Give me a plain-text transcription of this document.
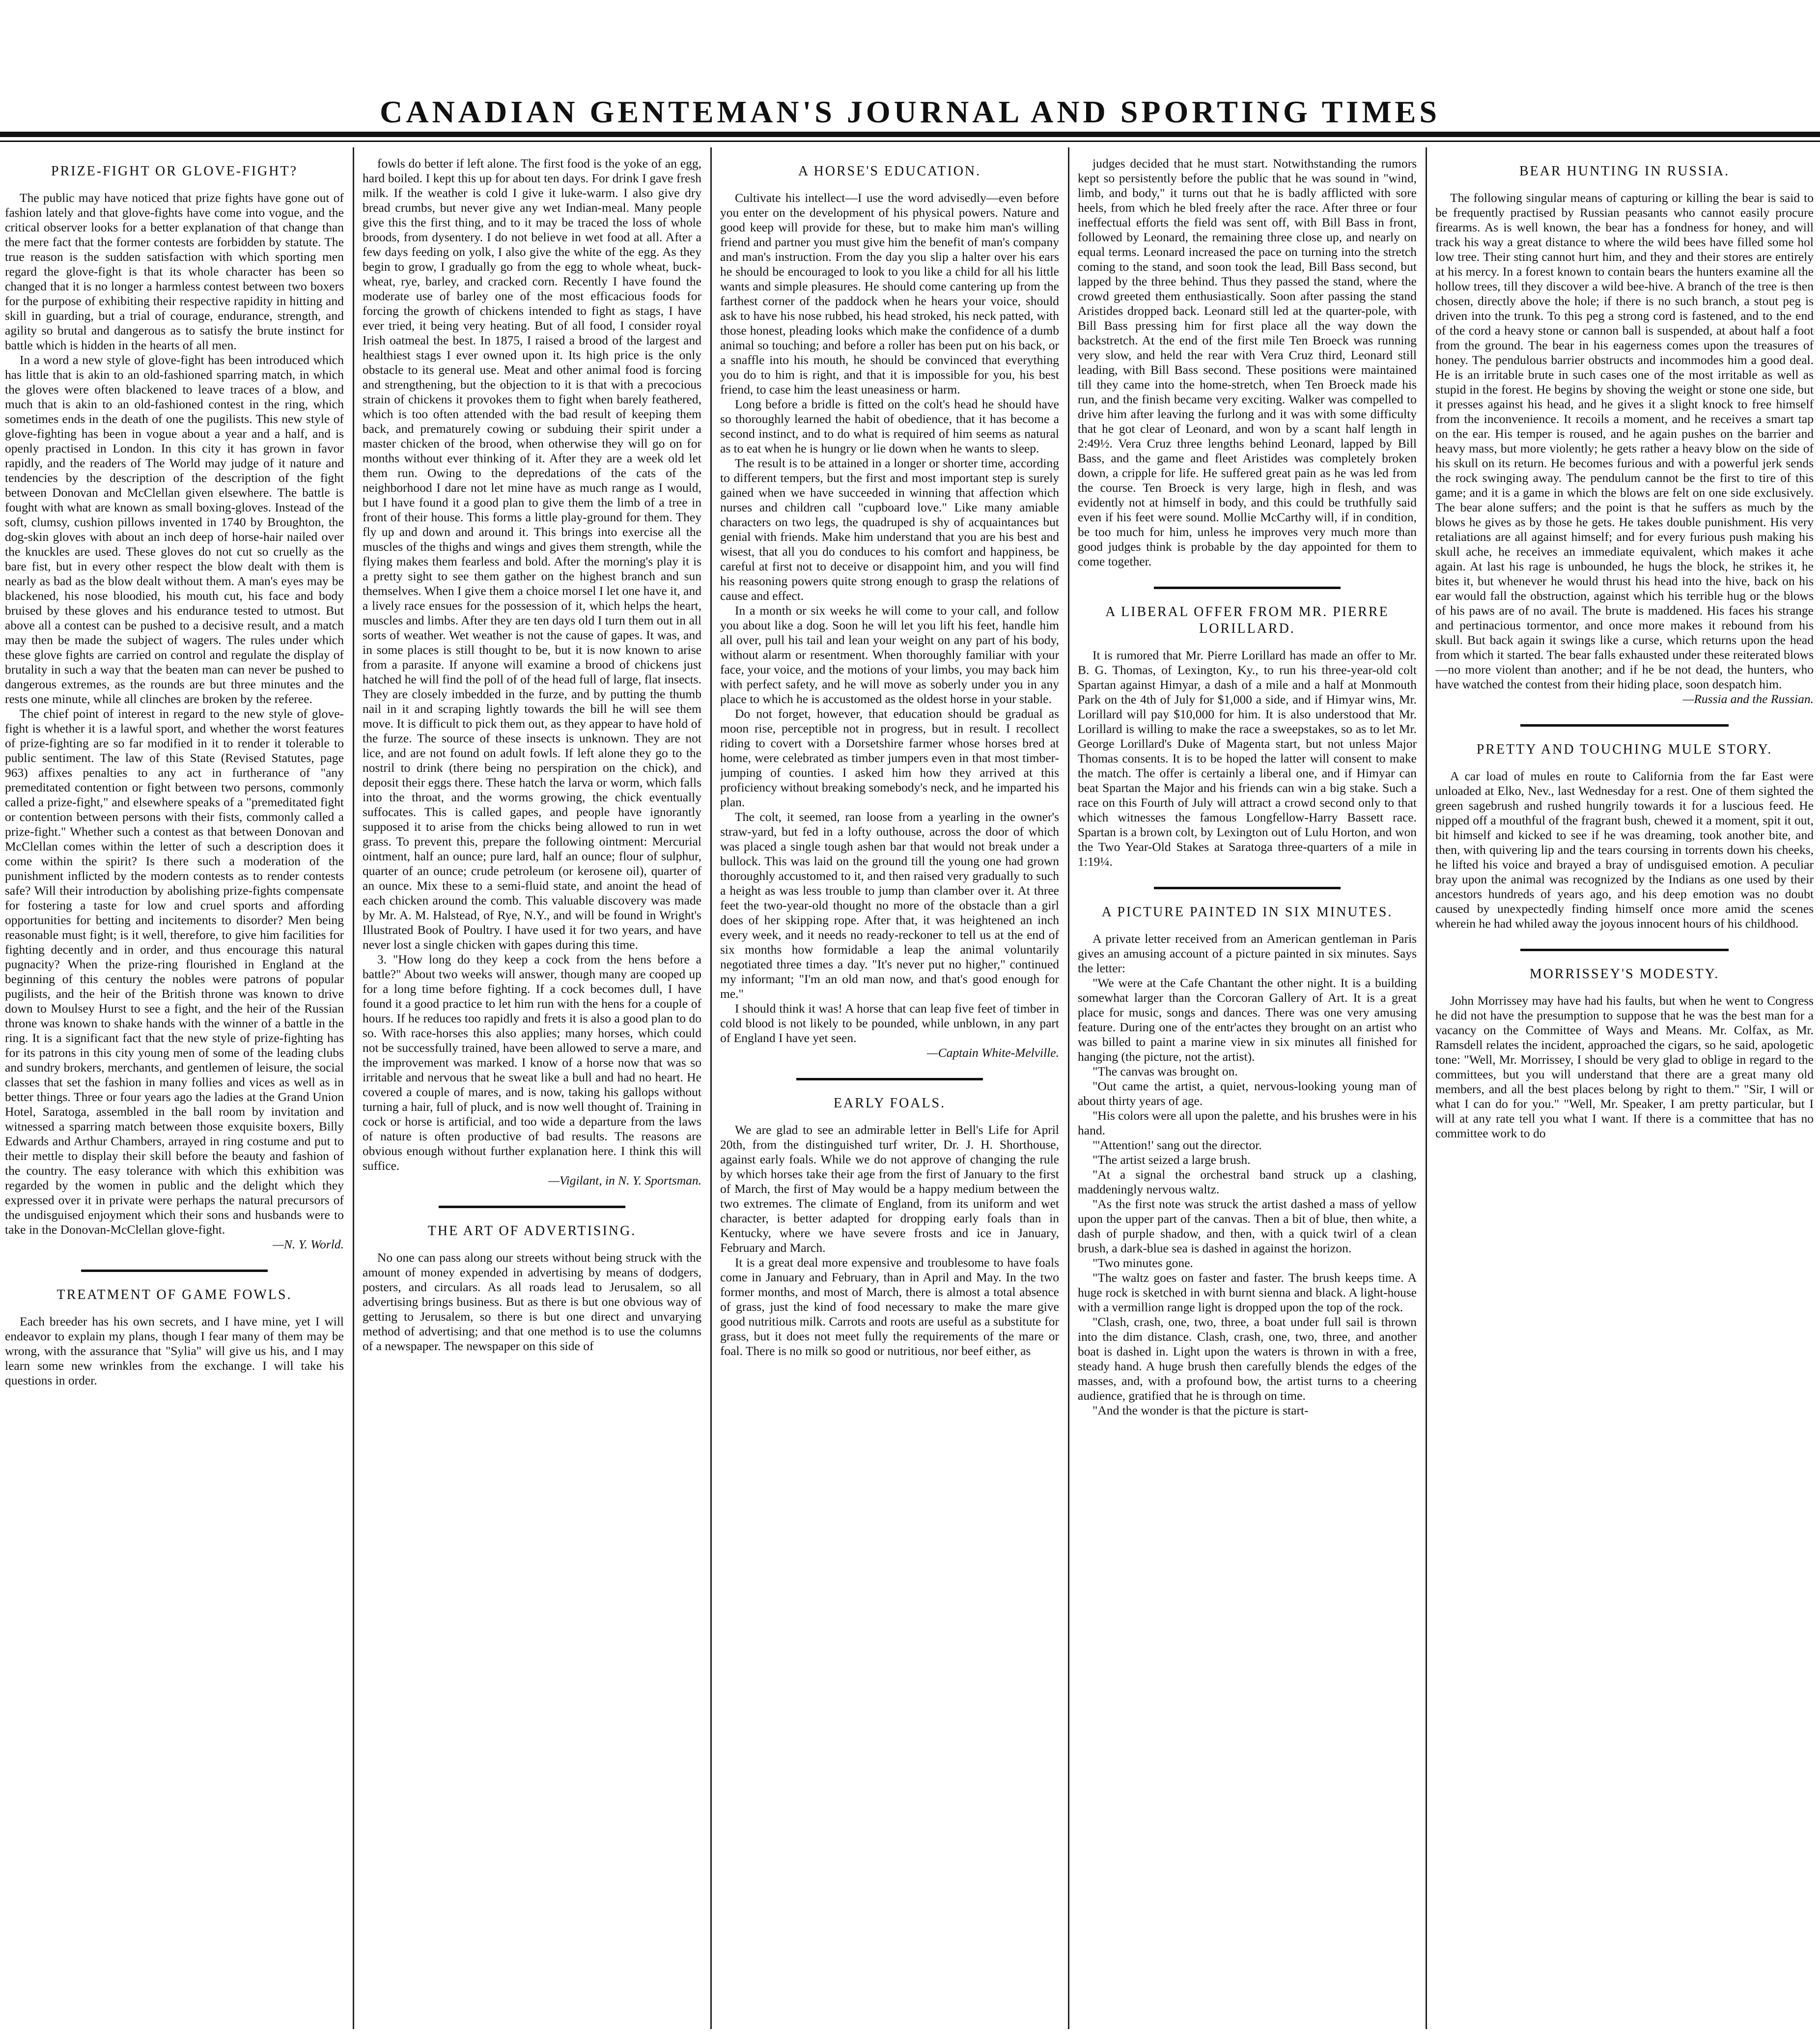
CANADIAN GENTEMAN'S JOURNAL AND SPORTING TIMES
PRIZE-FIGHT OR GLOVE-FIGHT?

The public may have noticed that prize fights have gone out of fashion lately and that glove-fights have come into vogue, and the critical observer looks for a better explanation of that change than the mere fact that the former contests are forbidden by statute. The true reason is the sudden satisfaction with which sporting men regard the glove-fight is that its whole character has been so changed that it is no longer a harmless contest between two boxers for the purpose of exhibiting their respective rapidity in hitting and skill in guarding, but a trial of courage, endurance, strength, and agility so brutal and dangerous as to satisfy the brute instinct for battle which is hidden in the hearts of all men.

In a word a new style of glove-fight has been introduced which has little that is akin to an old-fashioned sparring match, in which the gloves were often blackened to leave traces of a blow, and much that is akin to an old-fashioned contest in the ring, which sometimes ends in the death of one the pugilists. This new style of glove-fighting has been in vogue about a year and a half, and is openly practised in London. In this city it has grown in favor rapidly, and the readers of The World may judge of it nature and tendencies by the description of the description of the fight between Donovan and McClellan given elsewhere. The battle is fought with what are known as small boxing-gloves. Instead of the soft, clumsy, cushion pillows invented in 1740 by Broughton, the dog-skin gloves with about an inch deep of horse-hair nailed over the knuckles are used. These gloves do not cut so cruelly as the bare fist, but in every other respect the blow dealt with them is nearly as bad as the blow dealt without them. A man's eyes may be blackened, his nose bloodied, his mouth cut, his face and body bruised by these gloves and his endurance tested to utmost. But above all a contest can be pushed to a decisive result, and a match may then be made the subject of wagers. The rules under which these glove fights are carried on control and regulate the display of brutality in such a way that the beaten man can never be pushed to dangerous extremes, as the rounds are but three minutes and the rests one minute, while all clinches are broken by the referee.

The chief point of interest in regard to the new style of glove-fight is whether it is a lawful sport, and whether the worst features of prize-fighting are so far modified in it to render it tolerable to public sentiment. The law of this State (Revised Statutes, page 963) affixes penalties to any act in furtherance of "any premeditated contention or fight between two persons, commonly called a prize-fight," and elsewhere speaks of a "premeditated fight or contention between persons with their fists, commonly called a prize-fight." Whether such a contest as that between Donovan and McClellan comes within the letter of such a description does it come within the spirit? Is there such a moderation of the punishment inflicted by the modern contests as to render contests safe? Will their introduction by abolishing prize-fights compensate for fostering a taste for low and cruel sports and affording opportunities for betting and incitements to disorder? Men being reasonable must fight; is it well, therefore, to give him facilities for fighting decently and in order, and thus encourage this natural pugnacity? When the prize-ring flourished in England at the beginning of this century the nobles were patrons of popular pugilists, and the heir of the British throne was known to drive down to Moulsey Hurst to see a fight, and the heir of the Russian throne was known to shake hands with the winner of a battle in the ring. It is a significant fact that the new style of prize-fighting has for its patrons in this city young men of some of the leading clubs and sundry brokers, merchants, and gentlemen of leisure, the social classes that set the fashion in many follies and vices as well as in better things. Three or four years ago the ladies at the Grand Union Hotel, Saratoga, assembled in the ball room by invitation and witnessed a sparring match between those exquisite boxers, Billy Edwards and Arthur Chambers, arrayed in ring costume and put to their mettle to display their skill before the beauty and fashion of the country. The easy tolerance with which this exhibition was regarded by the women in public and the delight which they expressed over it in private were perhaps the natural precursors of the undisguised enjoyment which their sons and husbands were to take in the Donovan-McClellan glove-fight.

—N. Y. World.
TREATMENT OF GAME FOWLS.

Each breeder has his own secrets, and I have mine, yet I will endeavor to explain my plans, though I fear many of them may be wrong, with the assurance that "Sylia" will give us his, and I may learn some new wrinkles from the exchange. I will take his questions in order.

fowls do better if left alone. The first food is the yoke of an egg, hard boiled. I kept this up for about ten days. For drink I gave fresh milk. If the weather is cold I give it luke-warm. I also give dry bread crumbs, but never give any wet Indian-meal. Many people give this the first thing, and to it may be traced the loss of whole broods, from dysentery. I do not believe in wet food at all. After a few days feeding on yolk, I also give the white of the egg. As they begin to grow, I gradually go from the egg to whole wheat, buck-wheat, rye, barley, and cracked corn. Recently I have found the moderate use of barley one of the most efficacious foods for forcing the growth of chickens intended to fight as stags, I have ever tried, it being very heating. But of all food, I consider royal Irish oatmeal the best. In 1875, I raised a brood of the largest and healthiest stags I ever owned upon it. Its high price is the only obstacle to its general use. Meat and other animal food is forcing and strengthening, but the objection to it is that with a precocious strain of chickens it provokes them to fight when barely feathered, which is too often attended with the bad result of keeping them back, and prematurely cowing or subduing their spirit under a master chicken of the brood, when otherwise they will go on for months without ever thinking of it. After they are a week old let them run. Owing to the depredations of the cats of the neighborhood I dare not let mine have as much range as I would, but I have found it a good plan to give them the limb of a tree in front of their house. This forms a little play-ground for them. They fly up and down and around it. This brings into exercise all the muscles of the thighs and wings and gives them strength, while the flying makes them fearless and bold. After the morning's play it is a pretty sight to see them gather on the highest branch and sun themselves. When I give them a choice morsel I let one have it, and a lively race ensues for the possession of it, which helps the heart, muscles and limbs. After they are ten days old I turn them out in all sorts of weather. Wet weather is not the cause of gapes. It was, and in some places is still thought to be, but it is now known to arise from a parasite. If anyone will examine a brood of chickens just hatched he will find the poll of of the head full of large, flat insects. They are closely imbedded in the furze, and by putting the thumb nail in it and scraping lightly towards the bill he will see them move. It is difficult to pick them out, as they appear to have hold of the furze. The source of these insects is unknown. They are not lice, and are not found on adult fowls. If left alone they go to the nostril to drink (there being no perspiration on the chick), and deposit their eggs there. These hatch the larva or worm, which falls into the throat, and the worms growing, the chick eventually suffocates. This is called gapes, and people have ignorantly supposed it to arise from the chicks being allowed to run in wet grass. To prevent this, prepare the following ointment: Mercurial ointment, half an ounce; pure lard, half an ounce; flour of sulphur, quarter of an ounce; crude petroleum (or kerosene oil), quarter of an ounce. Mix these to a semi-fluid state, and anoint the head of each chicken around the comb. This valuable discovery was made by Mr. A. M. Halstead, of Rye, N.Y., and will be found in Wright's Illustrated Book of Poultry. I have used it for two years, and have never lost a single chicken with gapes during this time.

3. "How long do they keep a cock from the hens before a battle?" About two weeks will answer, though many are cooped up for a long time before fighting. If a cock becomes dull, I have found it a good practice to let him run with the hens for a couple of hours. If he reduces too rapidly and frets it is also a good plan to do so. With race-horses this also applies; many horses, which could not be successfully trained, have been allowed to serve a mare, and the improvement was marked. I know of a horse now that was so irritable and nervous that he sweat like a bull and had no heart. He covered a couple of mares, and is now, taking his gallops without turning a hair, full of pluck, and is now well thought of. Training in cock or horse is artificial, and too wide a departure from the laws of nature is often productive of bad results. The reasons are obvious enough without further explanation here. I think this will suffice.

—Vigilant, in N. Y. Sportsman.
THE ART OF ADVERTISING.

No one can pass along our streets without being struck with the amount of money expended in advertising by means of dodgers, posters, and circulars. As all roads lead to Jerusalem, so all advertising brings business. But as there is but one obvious way of getting to Jerusalem, so there is but one direct and unvarying method of advertising; and that one method is to use the columns of a newspaper. The newspaper on this side of

A HORSE'S EDUCATION.

Cultivate his intellect—I use the word advisedly—even before you enter on the development of his physical powers. Nature and good keep will provide for these, but to make him man's willing friend and partner you must give him the benefit of man's company and man's instruction. From the day you slip a halter over his ears he should be encouraged to look to you like a child for all his little wants and simple pleasures. He should come cantering up from the farthest corner of the paddock when he hears your voice, should ask to have his nose rubbed, his head stroked, his neck patted, with those honest, pleading looks which make the confidence of a dumb animal so touching; and before a roller has been put on his back, or a snaffle into his mouth, he should be convinced that everything you do to him is right, and that it is impossible for you, his best friend, to case him the least uneasiness or harm.

Long before a bridle is fitted on the colt's head he should have so thoroughly learned the habit of obedience, that it has become a second instinct, and to do what is required of him seems as natural as to eat when he is hungry or lie down when he wants to sleep.

The result is to be attained in a longer or shorter time, according to different tempers, but the first and most important step is surely gained when we have succeeded in winning that affection which nurses and children call "cupboard love." Like many amiable characters on two legs, the quadruped is shy of acquaintances but genial with friends. Make him understand that you are his best and wisest, that all you do conduces to his comfort and happiness, be careful at first not to deceive or disappoint him, and you will find his reasoning powers quite strong enough to grasp the relations of cause and effect.

In a month or six weeks he will come to your call, and follow you about like a dog. Soon he will let you lift his feet, handle him all over, pull his tail and lean your weight on any part of his body, without alarm or resentment. When thoroughly familiar with your face, your voice, and the motions of your limbs, you may back him with perfect safety, and he will move as soberly under you in any place to which he is accustomed as the oldest horse in your stable.

Do not forget, however, that education should be gradual as moon rise, perceptible not in progress, but in result. I recollect riding to covert with a Dorsetshire farmer whose horses bred at home, were celebrated as timber jumpers even in that most timber-jumping of counties. I asked him how they arrived at this proficiency without breaking somebody's neck, and he imparted his plan.

The colt, it seemed, ran loose from a yearling in the owner's straw-yard, but fed in a lofty outhouse, across the door of which was placed a single tough ashen bar that would not break under a bullock. This was laid on the ground till the young one had grown thoroughly accustomed to it, and then raised very gradually to such a height as was less trouble to jump than clamber over it. At three feet the two-year-old thought no more of the obstacle than a girl does of her skipping rope. After that, it was heightened an inch every week, and it needs no ready-reckoner to tell us at the end of six months how formidable a leap the animal voluntarily negotiated three times a day. "It's never put no higher," continued my informant; "I'm an old man now, and that's good enough for me."

I should think it was! A horse that can leap five feet of timber in cold blood is not likely to be pounded, while unblown, in any part of England I have yet seen.

—Captain White-Melville.
EARLY FOALS.

We are glad to see an admirable letter in Bell's Life for April 20th, from the distinguished turf writer, Dr. J. H. Shorthouse, against early foals. While we do not approve of changing the rule by which horses take their age from the first of January to the first of March, the first of May would be a happy medium between the two extremes. The climate of England, from its uniform and wet character, is better adapted for dropping early foals than in Kentucky, where we have severe frosts and ice in January, February and March.

It is a great deal more expensive and troublesome to have foals come in January and February, than in April and May. In the two former months, and most of March, there is almost a total absence of grass, just the kind of food necessary to make the mare give good nutritious milk. Carrots and roots are useful as a substitute for grass, but it does not meet fully the requirements of the mare or foal. There is no milk so good or nutritious, nor beef either, as

judges decided that he must start. Notwithstanding the rumors kept so persistently before the public that he was sound in "wind, limb, and body," it turns out that he is badly afflicted with sore heels, from which he bled freely after the race. After three or four ineffectual efforts the field was sent off, with Bill Bass in front, followed by Leonard, the remaining three close up, and nearly on equal terms. Leonard increased the pace on turning into the stretch coming to the stand, and soon took the lead, Bill Bass second, but lapped by the three behind. Thus they passed the stand, where the crowd greeted them enthusiastically. Soon after passing the stand Aristides dropped back. Leonard still led at the quarter-pole, with Bill Bass pressing him for first place all the way down the backstretch. At the end of the first mile Ten Broeck was running very slow, and held the rear with Vera Cruz third, Leonard still leading, with Bill Bass second. These positions were maintained till they came into the home-stretch, when Ten Broeck made his run, and the finish became very exciting. Walker was compelled to drive him after leaving the furlong and it was with some difficulty that he got clear of Leonard, and won by a scant half length in 2:49½. Vera Cruz three lengths behind Leonard, lapped by Bill Bass, and the game and fleet Aristides was completely broken down, a cripple for life. He suffered great pain as he was led from the course. Ten Broeck is very large, high in flesh, and was evidently not at himself in body, and this could be truthfully said even if his feet were sound. Mollie McCarthy will, if in condition, be too much for him, unless he improves very much more than good judges think is probable by the day appointed for them to come together.

A LIBERAL OFFER FROM MR. PIERRE LORILLARD.

It is rumored that Mr. Pierre Lorillard has made an offer to Mr. B. G. Thomas, of Lexington, Ky., to run his three-year-old colt Spartan against Himyar, a dash of a mile and a half at Monmouth Park on the 4th of July for $1,000 a side, and if Himyar wins, Mr. Lorillard will pay $10,000 for him. It is also understood that Mr. Lorillard is willing to make the race a sweepstakes, so as to let Mr. George Lorillard's Duke of Magenta start, but not unless Major Thomas consents. It is to be hoped the latter will consent to make the match. The offer is certainly a liberal one, and if Himyar can beat Spartan the Major and his friends can win a big stake. Such a race on this Fourth of July will attract a crowd second only to that which witnesses the famous Longfellow-Harry Bassett race. Spartan is a brown colt, by Lexington out of Lulu Horton, and won the Two Year-Old Stakes at Saratoga three-quarters of a mile in 1:19¼.

A PICTURE PAINTED IN SIX MINUTES.

A private letter received from an American gentleman in Paris gives an amusing account of a picture painted in six minutes. Says the letter:

"We were at the Cafe Chantant the other night. It is a building somewhat larger than the Corcoran Gallery of Art. It is a great place for music, songs and dances. There was one very amusing feature. During one of the entr'actes they brought on an artist who was billed to paint a marine view in six minutes all finished for hanging (the picture, not the artist).

"The canvas was brought on.

"Out came the artist, a quiet, nervous-looking young man of about thirty years of age.

"His colors were all upon the palette, and his brushes were in his hand.

"'Attention!' sang out the director.

"The artist seized a large brush.

"At a signal the orchestral band struck up a clashing, maddeningly nervous waltz.

"As the first note was struck the artist dashed a mass of yellow upon the upper part of the canvas. Then a bit of blue, then white, a dash of purple shadow, and then, with a quick twirl of a clean brush, a dark-blue sea is dashed in against the horizon.

"Two minutes gone.

"The waltz goes on faster and faster. The brush keeps time. A huge rock is sketched in with burnt sienna and black. A light-house with a vermillion range light is dropped upon the top of the rock.

"Clash, crash, one, two, three, a boat under full sail is thrown into the dim distance. Clash, crash, one, two, three, and another boat is dashed in. Light upon the waters is thrown in with a free, steady hand. A huge brush then carefully blends the edges of the masses, and, with a profound bow, the artist turns to a cheering audience, gratified that he is through on time.

"And the wonder is that the picture is start-

BEAR HUNTING IN RUSSIA.

The following singular means of capturing or killing the bear is said to be frequently practised by Russian peasants who cannot easily procure firearms. As is well known, the bear has a fondness for honey, and will track his way a great distance to where the wild bees have filled some hol low tree. Their sting cannot hurt him, and they and their stores are entirely at his mercy. In a forest known to contain bears the hunters examine all the hollow trees, till they discover a wild bee-hive. A branch of the tree is then chosen, directly above the hole; if there is no such branch, a stout peg is driven into the trunk. To this peg a strong cord is fastened, and to the end of the cord a heavy stone or cannon ball is suspended, at about half a foot from the ground. The bear in his eagerness comes upon the treasures of honey. The pendulous barrier obstructs and incommodes him a good deal. He is an irritable brute in such cases one of the most irritable as well as stupid in the forest. He begins by shoving the weight or stone one side, but it presses against his head, and he gives it a slight knock to free himself from the inconvenience. It recoils a moment, and he receives a smart tap on the ear. His temper is roused, and he again pushes on the barrier and heavy mass, but more violently; he gets rather a heavy blow on the side of his skull on its return. He becomes furious and with a powerful jerk sends the rock swinging away. The pendulum cannot be the first to tire of this game; and it is a game in which the blows are felt on one side exclusively. The bear alone suffers; and the point is that he suffers as much by the blows he gives as by those he gets. He takes double punishment. His very retaliations are all against himself; and for every furious push making his skull ache, he receives an immediate equivalent, which makes it ache again. At last his rage is unbounded, he hugs the block, he strikes it, he bites it, but whenever he would thrust his head into the hive, back on his ear would fall the obstruction, against which his terrible hug or the blows of his paws are of no avail. The brute is maddened. His faces his strange and pertinacious tormentor, and once more makes it rebound from his skull. But back again it swings like a curse, which returns upon the head from which it started. The bear falls exhausted under these reiterated blows—no more violent than another; and if he be not dead, the hunters, who have watched the contest from their hiding place, soon despatch him.

—Russia and the Russian.
PRETTY AND TOUCHING MULE STORY.

A car load of mules en route to California from the far East were unloaded at Elko, Nev., last Wednesday for a rest. One of them sighted the green sagebrush and rushed hungrily towards it for a luscious feed. He nipped off a mouthful of the fragrant bush, chewed it a moment, spit it out, bit himself and kicked to see if he was dreaming, took another bite, and then, with quivering lip and the tears coursing in torrents down his cheeks, he lifted his voice and brayed a bray of undisguised emotion. A peculiar bray upon the animal was recognized by the Indians as one used by their ancestors hundreds of years ago, and his deep emotion was no doubt caused by unexpectedly finding himself once more amid the scenes wherein he had whiled away the joyous innocent hours of his childhood.

MORRISSEY'S MODESTY.

John Morrissey may have had his faults, but when he went to Congress he did not have the presumption to suppose that he was the best man for a vacancy on the Committee of Ways and Means. Mr. Colfax, as Mr. Ramsdell relates the incident, approached the cigars, so he said, apologetic tone: "Well, Mr. Morrissey, I should be very glad to oblige in regard to the committees, but you will understand that there are a great many old members, and all the best places belong by right to them." "Sir, I will or what I can do for you." "Well, Mr. Speaker, I am pretty particular, but I will at any rate tell you what I want. If there is a committee that has no committee work to do
